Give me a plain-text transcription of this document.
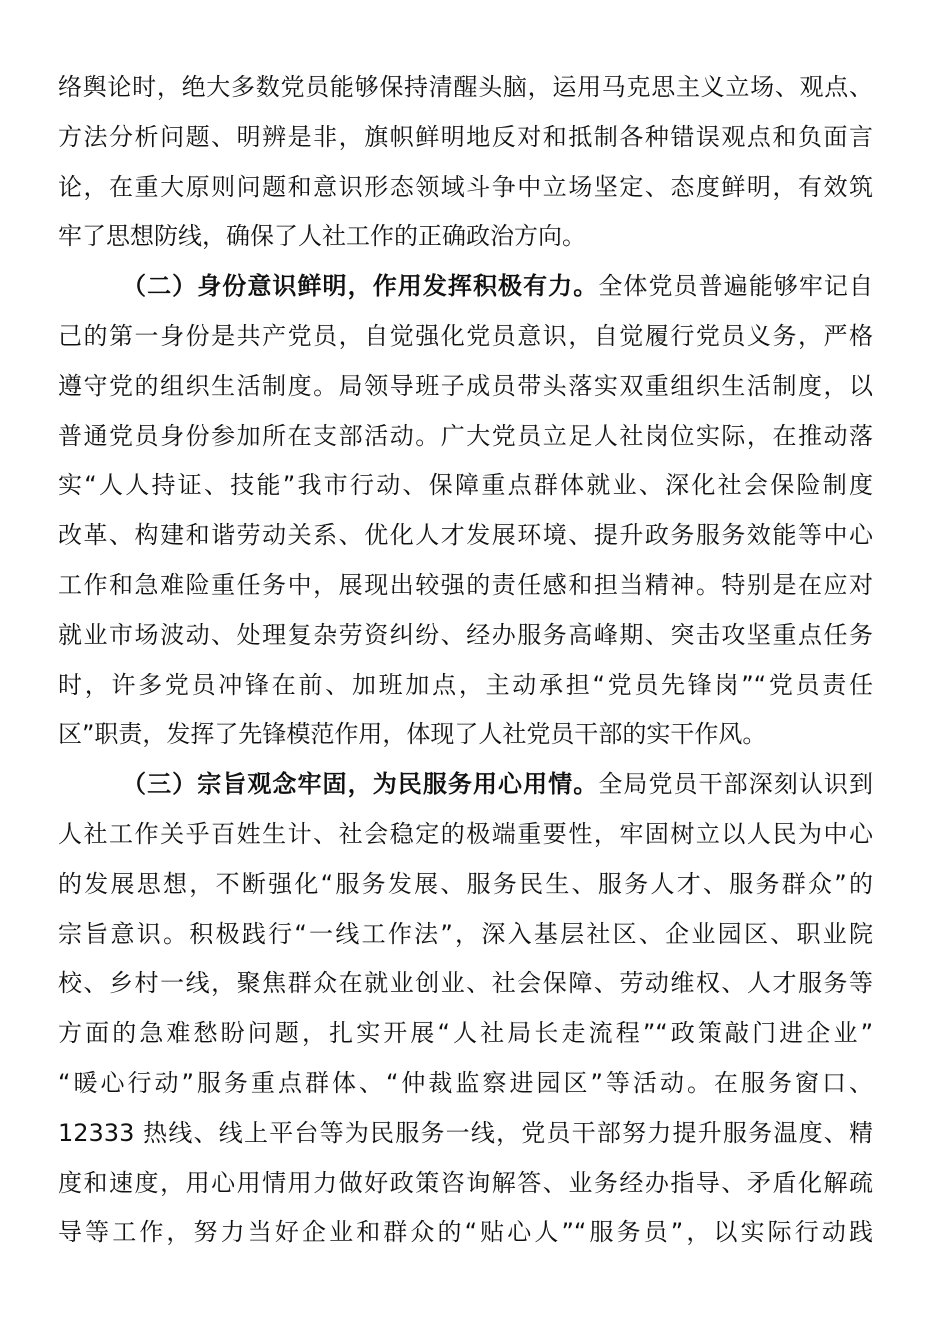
络舆论时，绝大多数党员能够保持清醒头脑，运用马克思主义立场、观点、
方法分析问题、明辨是非，旗帜鲜明地反对和抵制各种错误观点和负面言
论，在重大原则问题和意识形态领域斗争中立场坚定、态度鲜明，有效筑
牢了思想防线，确保了人社工作的正确政治方向。
（二）身份意识鲜明，作用发挥积极有力。全体党员普遍能够牢记自
己的第一身份是共产党员，自觉强化党员意识，自觉履行党员义务，严格
遵守党的组织生活制度。局领导班子成员带头落实双重组织生活制度，以
普通党员身份参加所在支部活动。广大党员立足人社岗位实际，在推动落
实“人人持证、技能”我市行动、保障重点群体就业、深化社会保险制度
改革、构建和谐劳动关系、优化人才发展环境、提升政务服务效能等中心
工作和急难险重任务中，展现出较强的责任感和担当精神。特别是在应对
就业市场波动、处理复杂劳资纠纷、经办服务高峰期、突击攻坚重点任务
时，许多党员冲锋在前、加班加点，主动承担“党员先锋岗”“党员责任
区”职责，发挥了先锋模范作用，体现了人社党员干部的实干作风。
（三）宗旨观念牢固，为民服务用心用情。全局党员干部深刻认识到
人社工作关乎百姓生计、社会稳定的极端重要性，牢固树立以人民为中心
的发展思想，不断强化“服务发展、服务民生、服务人才、服务群众”的
宗旨意识。积极践行“一线工作法”，深入基层社区、企业园区、职业院
校、乡村一线，聚焦群众在就业创业、社会保障、劳动维权、人才服务等
方面的急难愁盼问题，扎实开展“人社局长走流程”“政策敲门进企业”
“暖心行动”服务重点群体、“仲裁监察进园区”等活动。在服务窗口、
12333 热线、线上平台等为民服务一线，党员干部努力提升服务温度、精
度和速度，用心用情用力做好政策咨询解答、业务经办指导、矛盾化解疏
导等工作，努力当好企业和群众的“贴心人”“服务员”，以实际行动践
